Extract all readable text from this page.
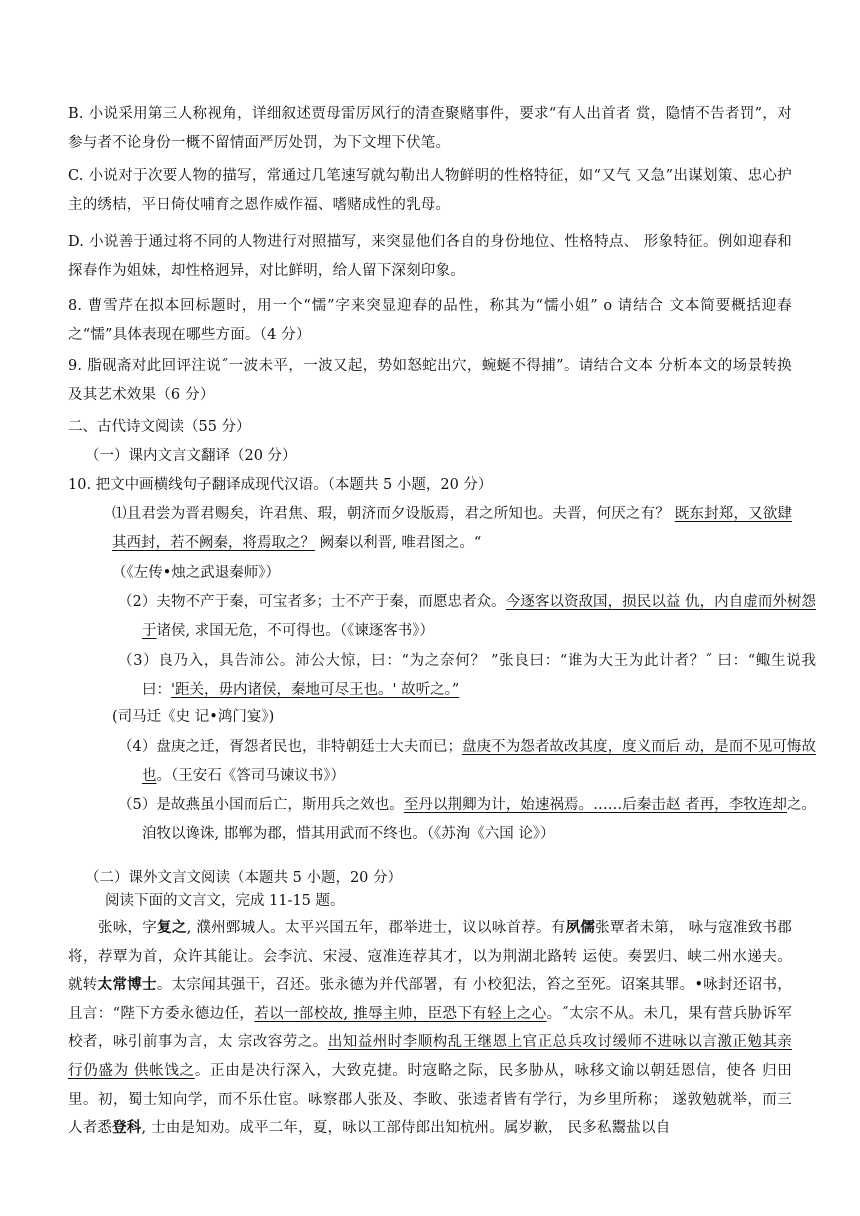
B. 小说采用第三人称视角，详细叙述贾母雷厉风行的清查聚赌事件，要求“有人出首者 赏，隐情不告者罚”，对参与者不论身份一概不留情面严厉处罚，为下文埋下伏笔。
C. 小说对于次要人物的描写，常通过几笔速写就勾勒出人物鲜明的性格特征，如“又气 又急”出谋划策、忠心护主的绣桔，平日倚仗哺育之恩作威作福、嗜赌成性的乳母。
D. 小说善于通过将不同的人物进行对照描写，来突显他们各自的身份地位、性格特点、 形象特征。例如迎春和探春作为姐妹，却性格迥异，对比鲜明，给人留下深刻印象。
8. 曹雪芹在拟本回标题时，用一个“懦”字来突显迎春的品性，称其为“懦小姐” o 请结合 文本简要概括迎春之“懦”具体表现在哪些方面。（4 分）
9. 脂砚斋对此回评注说˝一波未平，一波又起，势如怒蛇出穴，蜿蜒不得捕”。请结合文本 分析本文的场景转换及其艺术效果（6 分）
二、古代诗文阅读（55 分）
（一）课内文言文翻译（20 分）
10. 把文中画横线句子翻译成现代汉语。（本题共 5 小题，20 分）
⑴且君尝为晋君赐矣，许君焦、瑕，朝济而夕设版焉，君之所知也。夫晋，何厌之有？ 既东封郑，又欲肆其西封，若不阙秦，将焉取之？ 阙秦以利晋, 唯君图之。“
（《左传•烛之武退秦师》）
（2）夫物不产于秦，可宝者多；士不产于秦，而愿忠者众。今逐客以资敌国，损民以益 仇，内自虚而外树怨于诸侯, 求国无危，不可得也。（《谏逐客书》）
（3）良乃入，具告沛公。沛公大惊，曰：“为之奈何？ ”张良曰：“谁为大王为此计者？˝ 曰：“鲰生说我曰：'距关，毋内诸侯，秦地可尽王也。' 故听之。”
(司马迁《史 记•鸿门宴》)
（4）盘庚之迁，胥怨者民也，非特朝廷士大夫而已；盘庚不为怨者故改其度，度义而后 动，是而不见可悔故也。（王安石《答司马谏议书》）
（5）是故燕虽小国而后亡，斯用兵之效也。至丹以荆卿为计，始速祸焉。……后秦击赵 者再，李牧连却之。洎牧以谗诛, 邯郸为郡，惜其用武而不终也。（《苏洵《六国 论》）
（二）课外文言文阅读（本题共 5 小题，20 分）
阅读下面的文言文，完成 11-15 题。
张咏，字复之, 濮州鄄城人。太平兴国五年，郡举进士，议以咏首荐。有夙儒张覃者未第， 咏与寇准致书郡将，荐覃为首，众许其能让。会李沆、宋浸、寇准连荐其才，以为荆湖北路转 运使。奏罢归、峡二州水递夫。就转太常博士。太宗闻其强干，召还。张永德为并代部署，有 小校犯法，笞之至死。诏案其罪。•咏封还诏书，且言：“陛下方委永德边任，若以一部校故, 推辱主帅，臣恐下有轻上之心。˝太宗不从。未几，果有营兵胁诉军校者，咏引前事为言，太 宗改容劳之。出知益州时李顺构乱王继恩上官正总兵攻讨缓师不进咏以言激正勉其亲行仍盛为 供帐饯之。正由是决行深入，大致克捷。时寇略之际，民多胁从，咏移文谕以朝廷恩信，使各 归田里。初，蜀士知向学，而不乐仕宦。咏察郡人张及、李畋、张逵者皆有学行，为乡里所称； 遂敦勉就举，而三人者悉登科, 士由是知劝。成平二年，夏，咏以工部侍郎出知杭州。属岁歉， 民多私鬻盐以自
